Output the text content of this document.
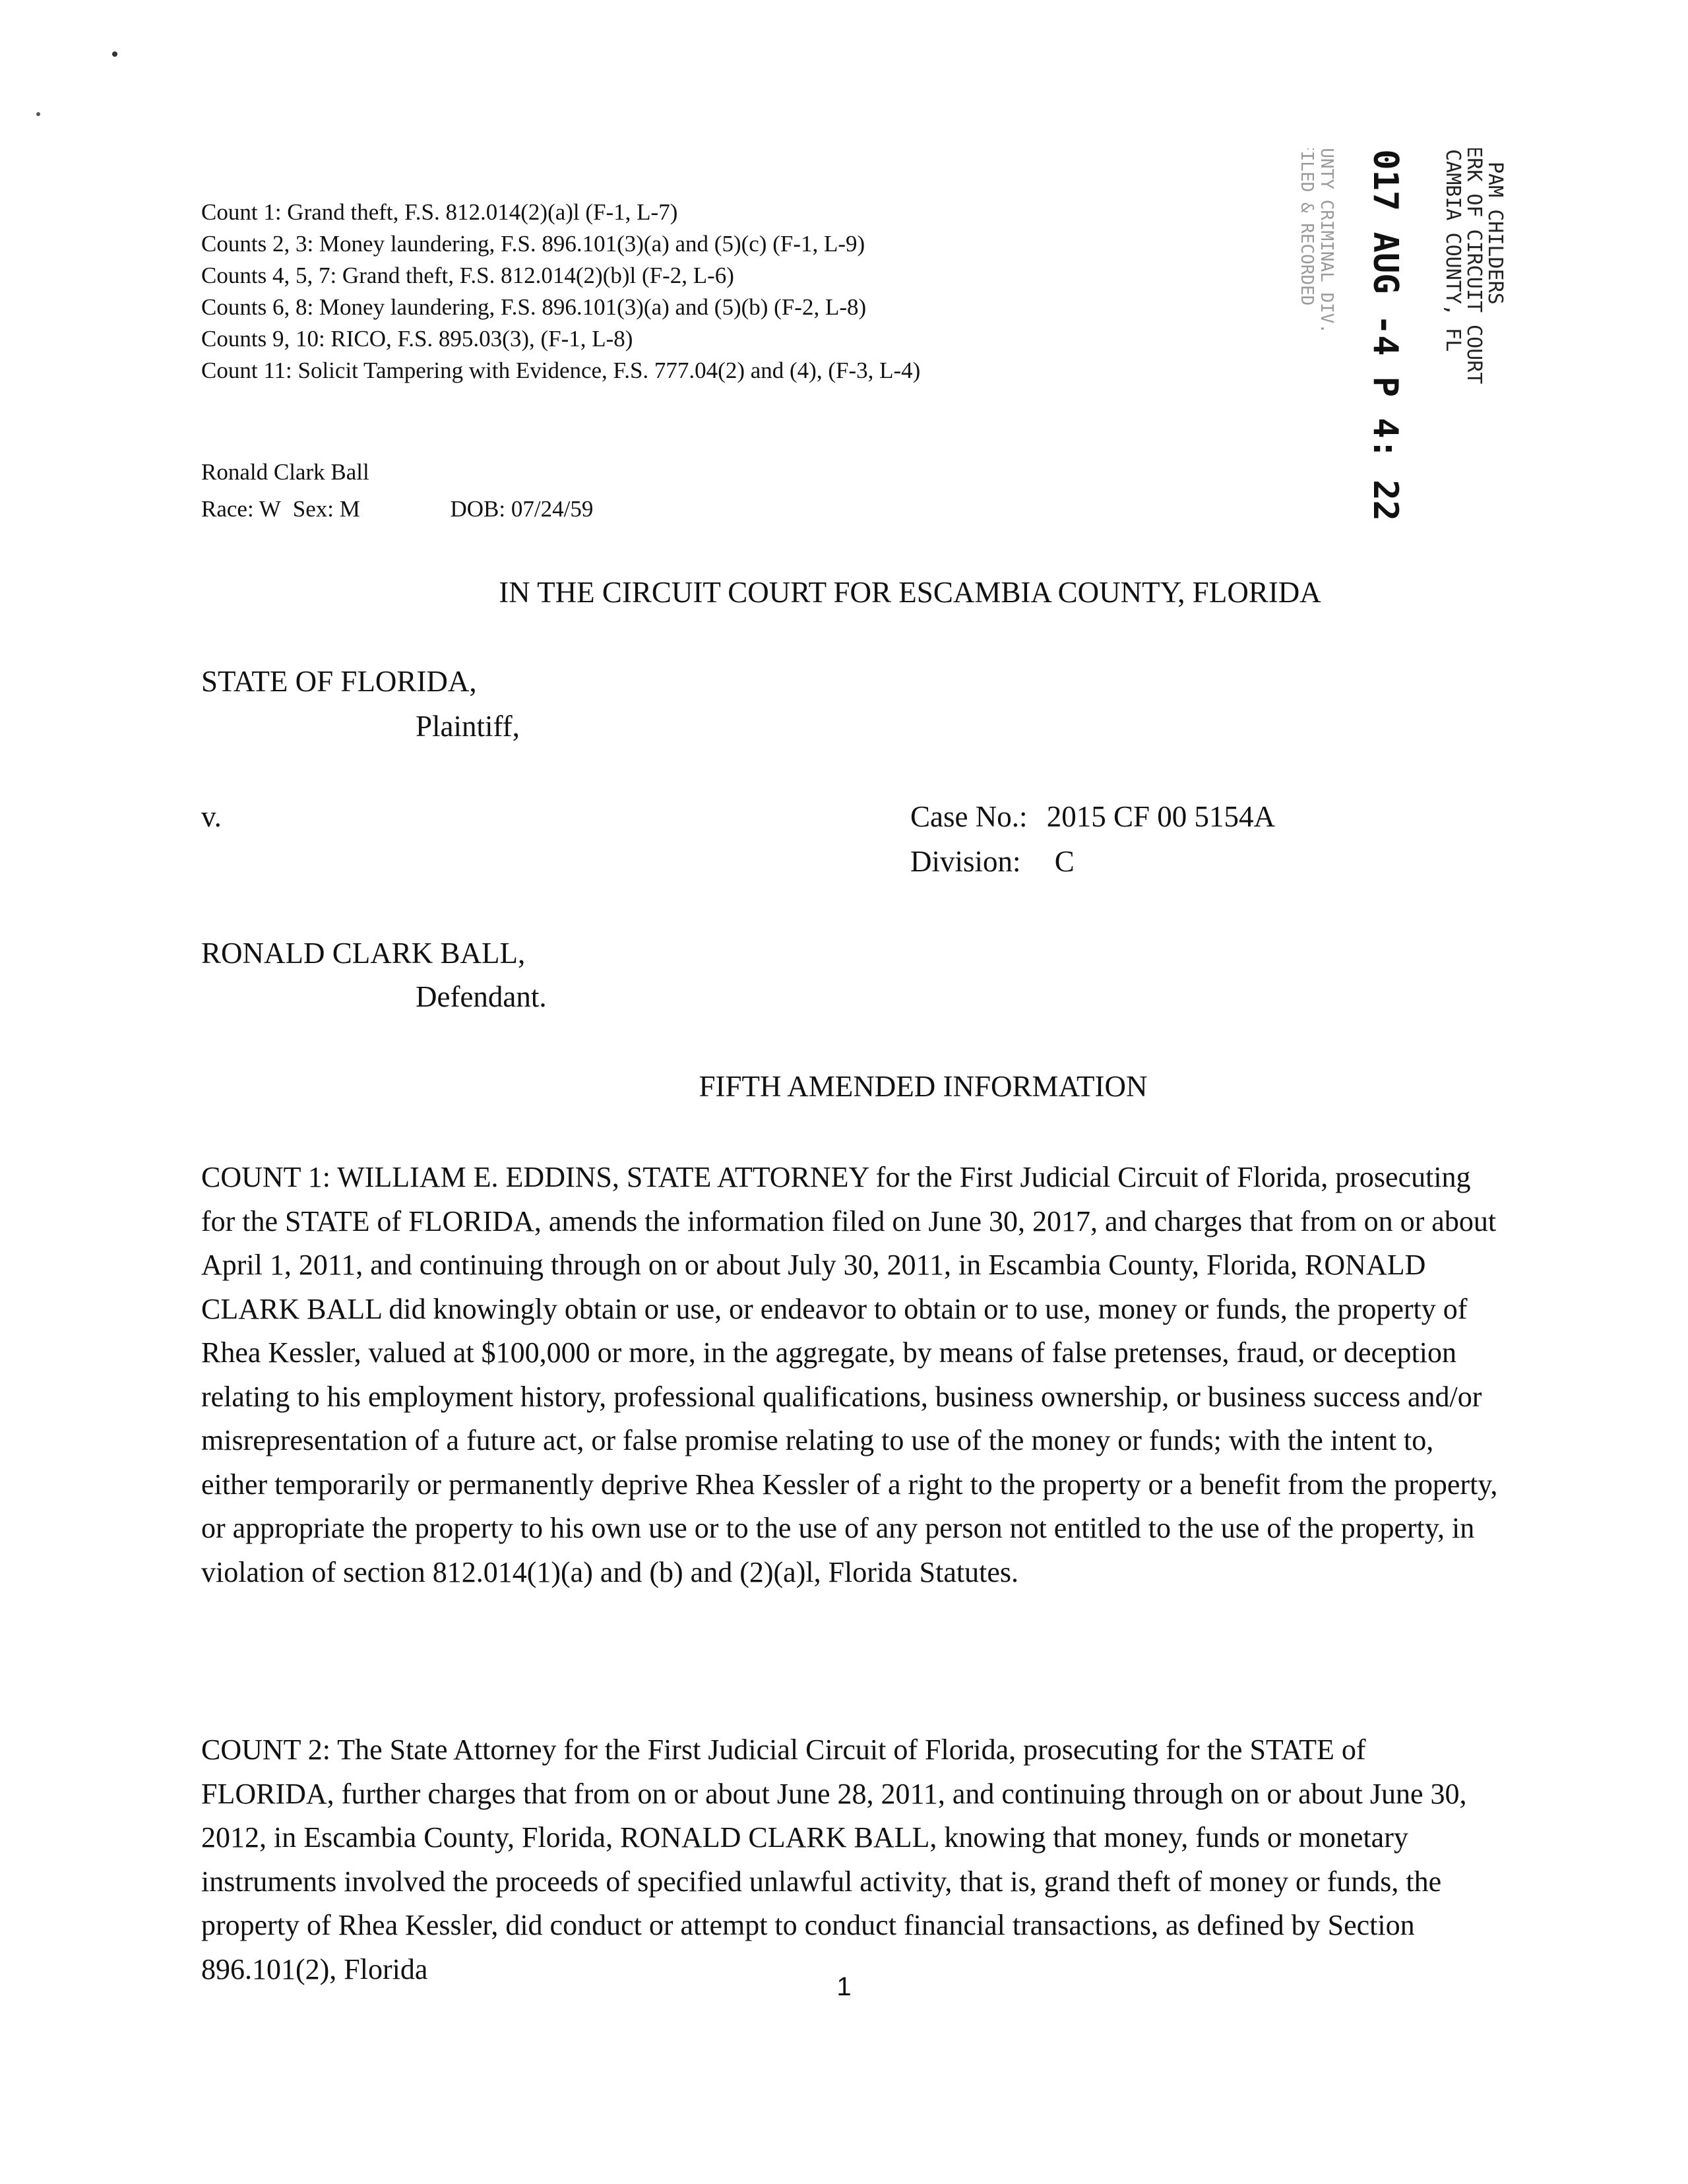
Count 1: Grand theft, F.S. 812.014(2)(a)l (F-1, L-7)
Counts 2, 3: Money laundering, F.S. 896.101(3)(a) and (5)(c) (F-1, L-9)
Counts 4, 5, 7: Grand theft, F.S. 812.014(2)(b)l (F-2, L-6)
Counts 6, 8: Money laundering, F.S. 896.101(3)(a) and (5)(b) (F-2, L-8)
Counts 9, 10: RICO, F.S. 895.03(3), (F-1, L-8)
Count 11: Solicit Tampering with Evidence, F.S. 777.04(2) and (4), (F-3, L-4)
Ronald Clark Ball
Race: W Sex: M	DOB: 07/24/59
PAM CHILDERS
CLERK OF CIRCUIT COURT
ESCAMBIA COUNTY, FL
2017 AUG -4 P 4: 22
COUNTY CRIMINAL DIV.
FILED & RECORDED
IN THE CIRCUIT COURT FOR ESCAMBIA COUNTY, FLORIDA
STATE OF FLORIDA,
Plaintiff,
v.	Case No.: 2015 CF 00 5154A
Division: C
RONALD CLARK BALL,
Defendant.
FIFTH AMENDED INFORMATION
COUNT 1: WILLIAM E. EDDINS, STATE ATTORNEY for the First Judicial Circuit of Florida, prosecuting for the STATE of FLORIDA, amends the information filed on June 30, 2017, and charges that from on or about April 1, 2011, and continuing through on or about July 30, 2011, in Escambia County, Florida, RONALD CLARK BALL did knowingly obtain or use, or endeavor to obtain or to use, money or funds, the property of Rhea Kessler, valued at $100,000 or more, in the aggregate, by means of false pretenses, fraud, or deception relating to his employment history, professional qualifications, business ownership, or business success and/or misrepresentation of a future act, or false promise relating to use of the money or funds; with the intent to, either temporarily or permanently deprive Rhea Kessler of a right to the property or a benefit from the property, or appropriate the property to his own use or to the use of any person not entitled to the use of the property, in violation of section 812.014(1)(a) and (b) and (2)(a)l, Florida Statutes.
COUNT 2: The State Attorney for the First Judicial Circuit of Florida, prosecuting for the STATE of FLORIDA, further charges that from on or about June 28, 2011, and continuing through on or about June 30, 2012, in Escambia County, Florida, RONALD CLARK BALL, knowing that money, funds or monetary instruments involved the proceeds of specified unlawful activity, that is, grand theft of money or funds, the property of Rhea Kessler, did conduct or attempt to conduct financial transactions, as defined by Section 896.101(2), Florida
1
